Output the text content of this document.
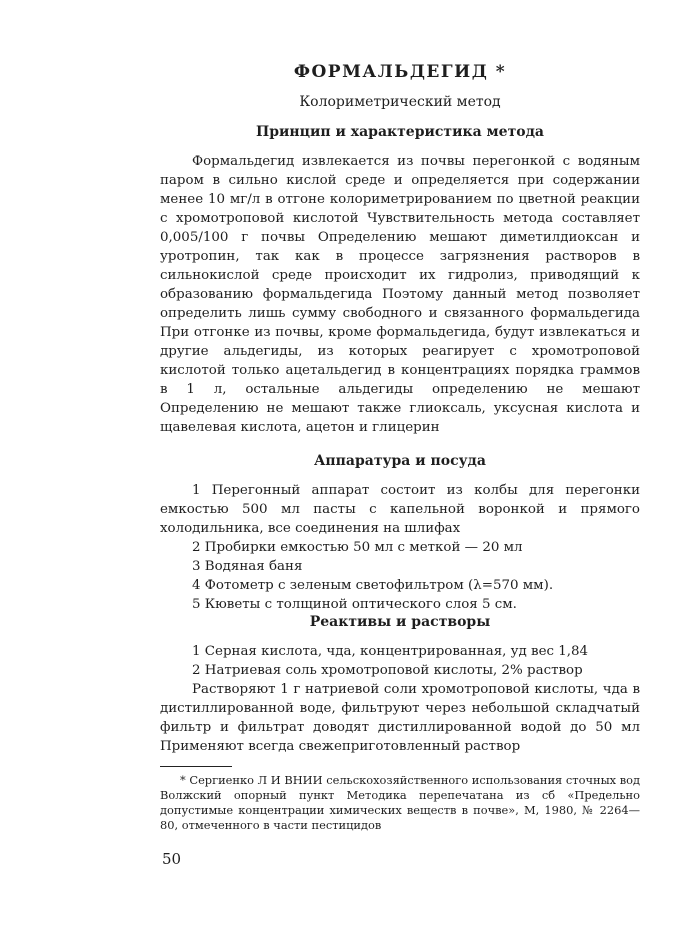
ФОРМАЛЬДЕГИД *
Колориметрический метод
Принцип и характеристика метода

Формальдегид извлекается из почвы перегонкой с водяным паром в сильно кислой среде и определяется при содержании менее 10 мг/л в отгоне колориметрированием по цветной реакции с хромотроповой кислотой Чувствительность метода составляет 0,005/100 г почвы Определению мешают диметилдиоксан и уротропин, так как в процессе загрязнения растворов в сильнокислой среде происходит их гидролиз, приводящий к образованию формальдегида Поэтому данный метод позволяет определить лишь сумму свободного и связанного формальдегида При отгонке из почвы, кроме формальдегида, будут извлекаться и другие альдегиды, из которых реагирует с хромотроповой кислотой только ацетальдегид в концентрациях порядка граммов в 1 л, остальные альдегиды определению не мешают Определению не мешают также глиоксаль, уксусная кислота и щавелевая кислота, ацетон и глицерин

Аппаратура и посуда
1 Перегонный аппарат состоит из колбы для перегонки емкостью 500 мл пасты с капельной воронкой и прямого холодильника, все соединения на шлифах
2 Пробирки емкостью 50 мл с меткой — 20 мл
3 Водяная баня
4 Фотометр с зеленым светофильтром (λ=570 мм).
5 Кюветы с толщиной оптического слоя 5 см.
Реактивы и растворы
1 Серная кислота, чда, концентрированная, уд вес 1,84
2 Натриевая соль хромотроповой кислоты, 2% раствор

Растворяют 1 г натриевой соли хромотроповой кислоты, чда в дистиллированной воде, фильтруют через небольшой складчатый фильтр и фильтрат доводят дистиллированной водой до 50 мл Применяют всегда свежеприготовленный раствор

* Сергиенко Л И ВНИИ сельскохозяйственного использования сточных вод Волжский опорный пункт Методика перепечатана из сб «Предельно допустимые концентрации химических веществ в почве», М, 1980, № 2264—80, отмеченного в части пестицидов

50
